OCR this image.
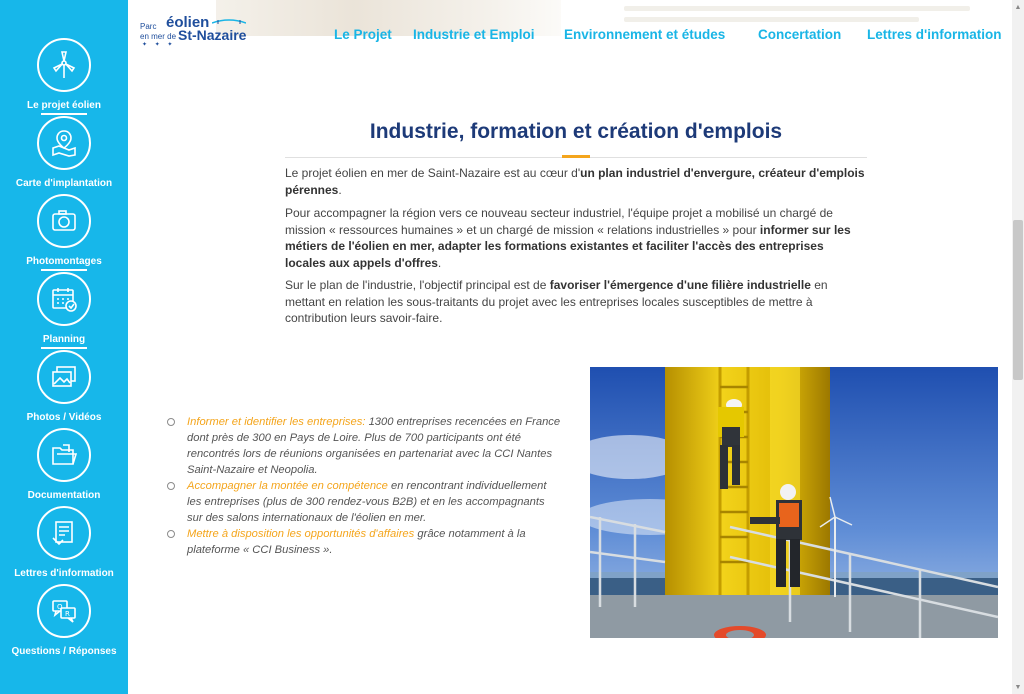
Le projet éolien
Carte d'implantation
Photomontages
Planning
Photos / Vidéos
Documentation
Lettres d'information
Q
R
Questions / Réponses
Parc éolien
en mer de St-Nazaire
✦ ✦ ✦
Le Projet Industrie et Emploi Environnement et études Concertation Lettres d'information
▲
▼
Industrie, formation et création d'emplois

Le projet éolien en mer de Saint-Nazaire est au cœur d'un plan industriel d'envergure, créateur d'emplois pérennes.

Pour accompagner la région vers ce nouveau secteur industriel, l'équipe projet a mobilisé un chargé de mission « ressources humaines » et un chargé de mission « relations industrielles » pour informer sur les métiers de l'éolien en mer, adapter les formations existantes et faciliter l'accès des entreprises locales aux appels d'offres.

Sur le plan de l'industrie, l'objectif principal est de favoriser l'émergence d'une filière industrielle en mettant en relation les sous-traitants du projet avec les entreprises locales susceptibles de mettre à contribution leurs savoir-faire.

Informer et identifier les entreprises: 1300 entreprises recencées en France dont près de 300 en Pays de Loire. Plus de 700 participants ont été rencontrés lors de réunions organisées en partenariat avec la CCI Nantes Saint-Nazaire et Neopolia.
Accompagner la montée en compétence en rencontrant individuellement les entreprises (plus de 300 rendez-vous B2B) et en les accompagnants sur des salons internationaux de l'éolien en mer.
Mettre à disposition les opportunités d'affaires grâce notamment à la plateforme « CCI Business ».
